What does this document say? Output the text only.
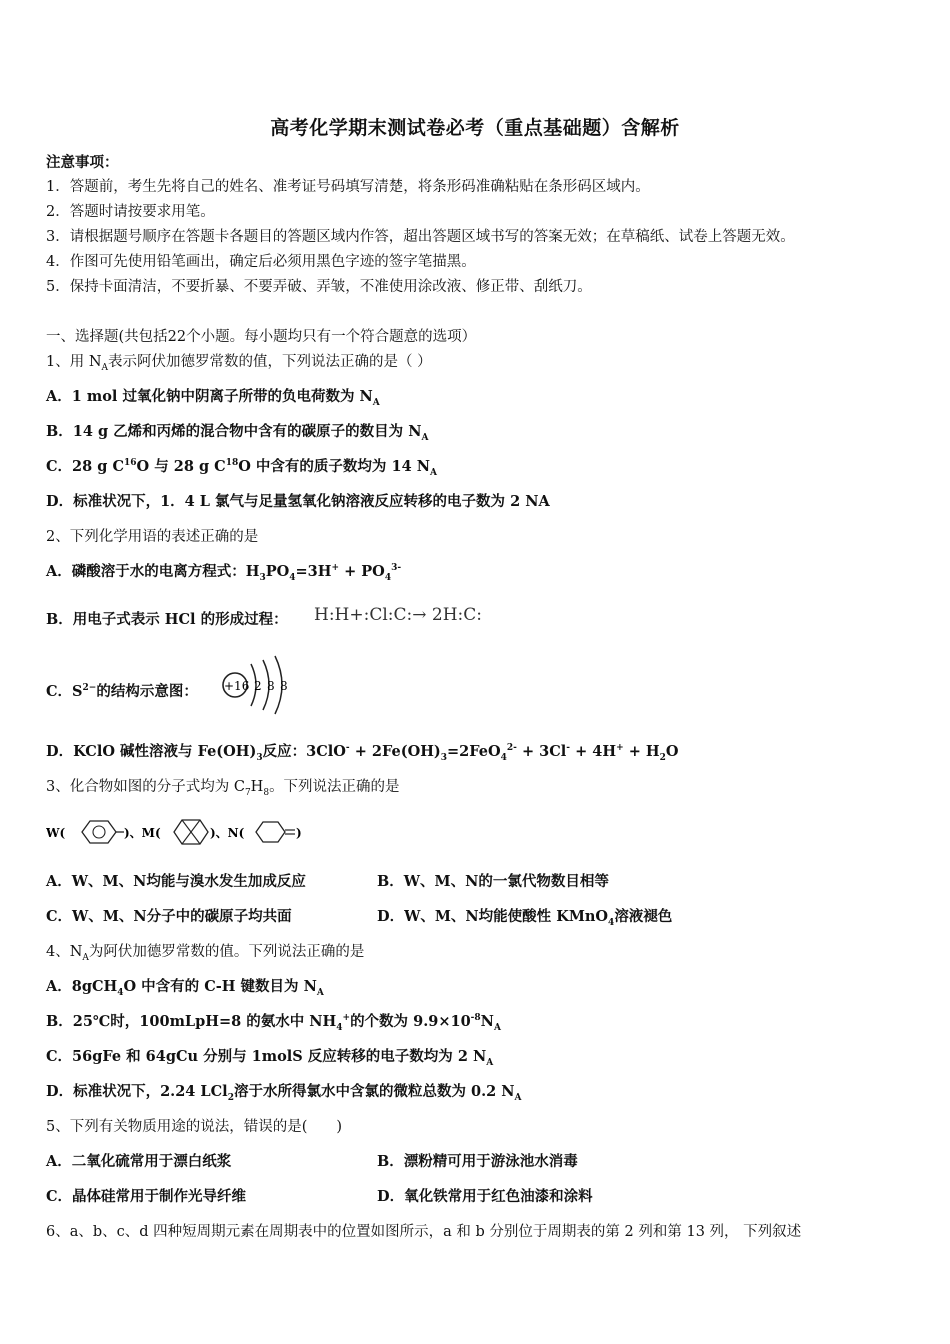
高考化学期末测试卷必考（重点基础题）含解析
注意事项：
1．答题前，考生先将自己的姓名、准考证号码填写清楚，将条形码准确粘贴在条形码区域内。
2．答题时请按要求用笔。
3．请根据题号顺序在答题卡各题目的答题区域内作答，超出答题区域书写的答案无效；在草稿纸、试卷上答题无效。
4．作图可先使用铅笔画出，确定后必须用黑色字迹的签字笔描黑。
5．保持卡面清洁，不要折暴、不要弄破、弄皱，不准使用涂改液、修正带、刮纸刀。
一、选择题(共包括22个小题。每小题均只有一个符合题意的选项）
1、用 $N_A$表示阿伏加德罗常数的值，下列说法正确的是（ ）
A．1 mol 过氧化钠中阴离子所带的负电荷数为 $N_A$
B．14 g 乙烯和丙烯的混合物中含有的碳原子的数目为 $N_A$
C．28 g $C^{16}O$ 与 28 g $C^{18}O$ 中含有的质子数均为 14 $N_A$
D．标准状况下，1．4 L 氯气与足量氢氧化钠溶液反应转移的电子数为 2 NA
2、下列化学用语的表述正确的是
A．磷酸溶于水的电离方程式：$H_3PO_4=3H^+ + PO_4^{3-}$
B．用电子式表示 HCl 的形成过程： H:H+:Cl:C:→ 2H:C:
C．$S^{2-}$的结构示意图： +16 2 8 8
D．KClO 碱性溶液与 $Fe(OH)_3$反应：$3ClO^- + 2Fe(OH)_3=2FeO_4^{2-} + 3Cl^- + 4H^+ + H_2O$
3、化合物如图的分子式均为 $C_7H_8$。下列说法正确的是
W(	)、M(	)、N(	)
A．W、M、N均能与溴水发生加成反应	B．W、M、N的一氯代物数目相等
C．W、M、N分子中的碳原子均共面	D．W、M、N均能使酸性 KMnO$_4$溶液褪色
4、$N_A$为阿伏加德罗常数的值。下列说法正确的是
A．8gCH$_4$O 中含有的 C-H 键数目为 $N_A$
B．25℃时，100mLpH=8 的氨水中 $NH_4^+$的个数为 $9.9\times 10^{-8}N_A$
C．56gFe 和 64gCu 分别与 1molS 反应转移的电子数均为 2 $N_A$
D．标准状况下，2.24 LCl$_2$溶于水所得氯水中含氯的微粒总数为 0.2 $N_A$
5、下列有关物质用途的说法，错误的是(　　)
A．二氧化硫常用于漂白纸浆	B．漂粉精可用于游泳池水消毒
C．晶体硅常用于制作光导纤维	D．氧化铁常用于红色油漆和涂料
6、a、b、c、d 四种短周期元素在周期表中的位置如图所示，a 和 b 分别位于周期表的第 2 列和第 13 列， 下列叙述
